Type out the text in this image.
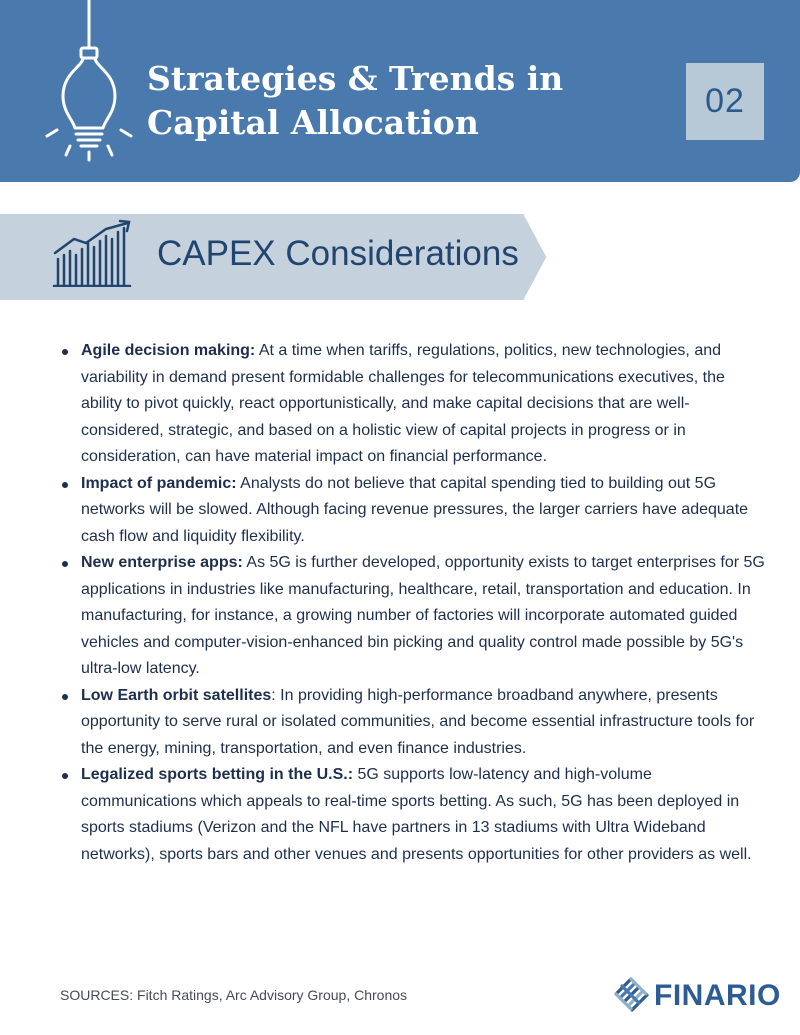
Strategies & Trends in
Capital Allocation
02
CAPEX Considerations
Agile decision making: At a time when tariffs, regulations, politics, new technologies, and variability in demand present formidable challenges for telecommunications executives, the ability to pivot quickly, react opportunistically, and make capital decisions that are well-considered, strategic, and based on a holistic view of capital projects in progress or in consideration, can have material impact on financial performance.
Impact of pandemic: Analysts do not believe that capital spending tied to building out 5G networks will be slowed. Although facing revenue pressures, the larger carriers have adequate cash flow and liquidity flexibility.
New enterprise apps: As 5G is further developed, opportunity exists to target enterprises for 5G applications in industries like manufacturing, healthcare, retail, transportation and education. In manufacturing, for instance, a growing number of factories will incorporate automated guided vehicles and computer-vision-enhanced bin picking and quality control made possible by 5G's ultra-low latency.
Low Earth orbit satellites: In providing high-performance broadband anywhere, presents opportunity to serve rural or isolated communities, and become essential infrastructure tools for the energy, mining, transportation, and even finance industries.
Legalized sports betting in the U.S.: 5G supports low-latency and high-volume communications which appeals to real-time sports betting. As such, 5G has been deployed in sports stadiums (Verizon and the NFL have partners in 13 stadiums with Ultra Wideband networks), sports bars and other venues and presents opportunities for other providers as well.
SOURCES: Fitch Ratings, Arc Advisory Group, Chronos	FINARIO
